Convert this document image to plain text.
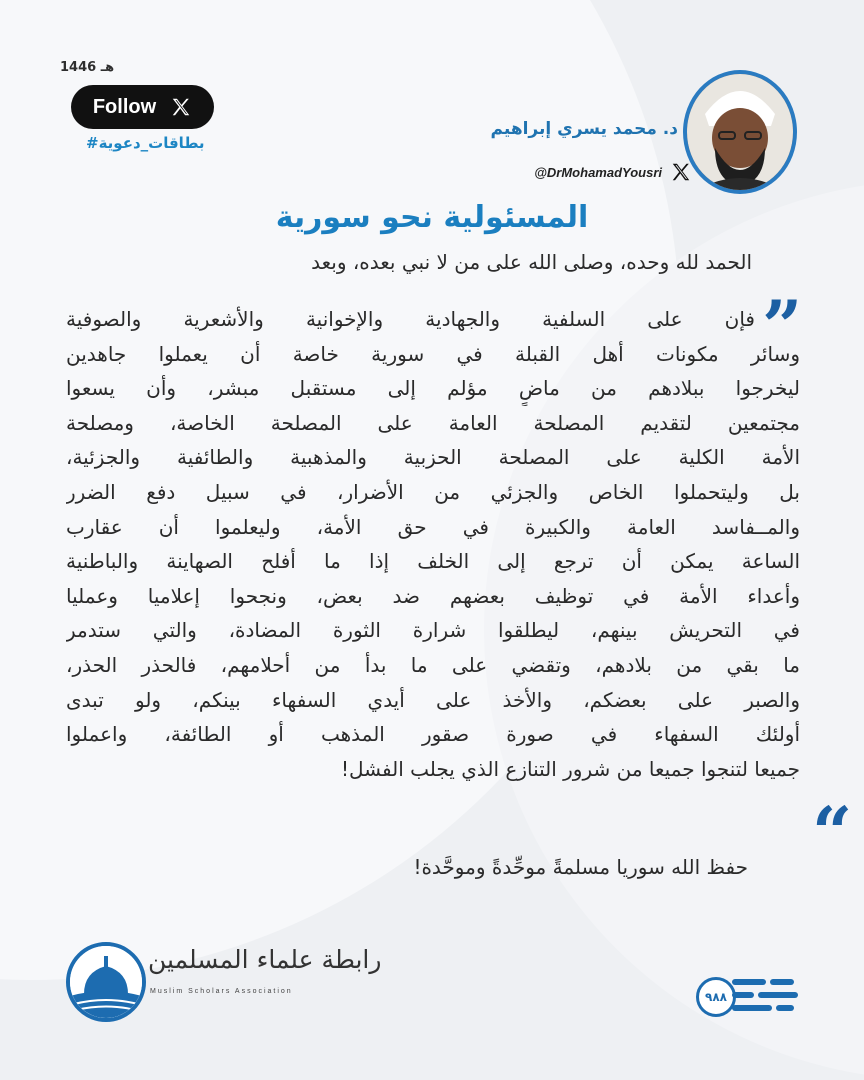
1446 هـ
Follow
#بطاقات_دعوية
د. محمد يسري إبراهيم
@DrMohamadYousri
المسئولية نحو سورية
الحمد لله وحده، وصلى الله على من لا نبي بعده، وبعد
”
“
فإن على السلفية والجهادية والإخوانية والأشعرية والصوفية
وسائر مكونات أهل القبلة في سورية خاصة أن يعملوا جاهدين
ليخرجوا ببلادهم من ماضٍ مؤلم إلى مستقبل مبشر، وأن يسعوا
مجتمعين لتقديم المصلحة العامة على المصلحة الخاصة، ومصلحة
الأمة الكلية على المصلحة الحزبية والمذهبية والطائفية والجزئية،
بل وليتحملوا الخاص والجزئي من الأضرار، في سبيل دفع الضرر
والمــفاسد العامة والكبيرة في حق الأمة، وليعلموا أن عقارب
الساعة يمكن أن ترجع إلى الخلف إذا ما أفلح الصهاينة والباطنية
وأعداء الأمة في توظيف بعضهم ضد بعض، ونجحوا إعلاميا وعمليا
في التحريش بينهم، ليطلقوا شرارة الثورة المضادة، والتي ستدمر
ما بقي من بلادهم، وتقضي على ما بدأ من أحلامهم، فالحذر الحذر،
والصبر على بعضكم، والأخذ على أيدي السفهاء بينكم، ولو تبدى
أولئك السفهاء في صورة صقور المذهب أو الطائفة، واعملوا
جميعا لتنجوا جميعا من شرور التنازع الذي يجلب الفشل!
حفظ الله سوريا مسلمةً موحِّدةً وموحَّدة!
رابطة علماء المسلمين
Muslim Scholars Association	٩٨٨
